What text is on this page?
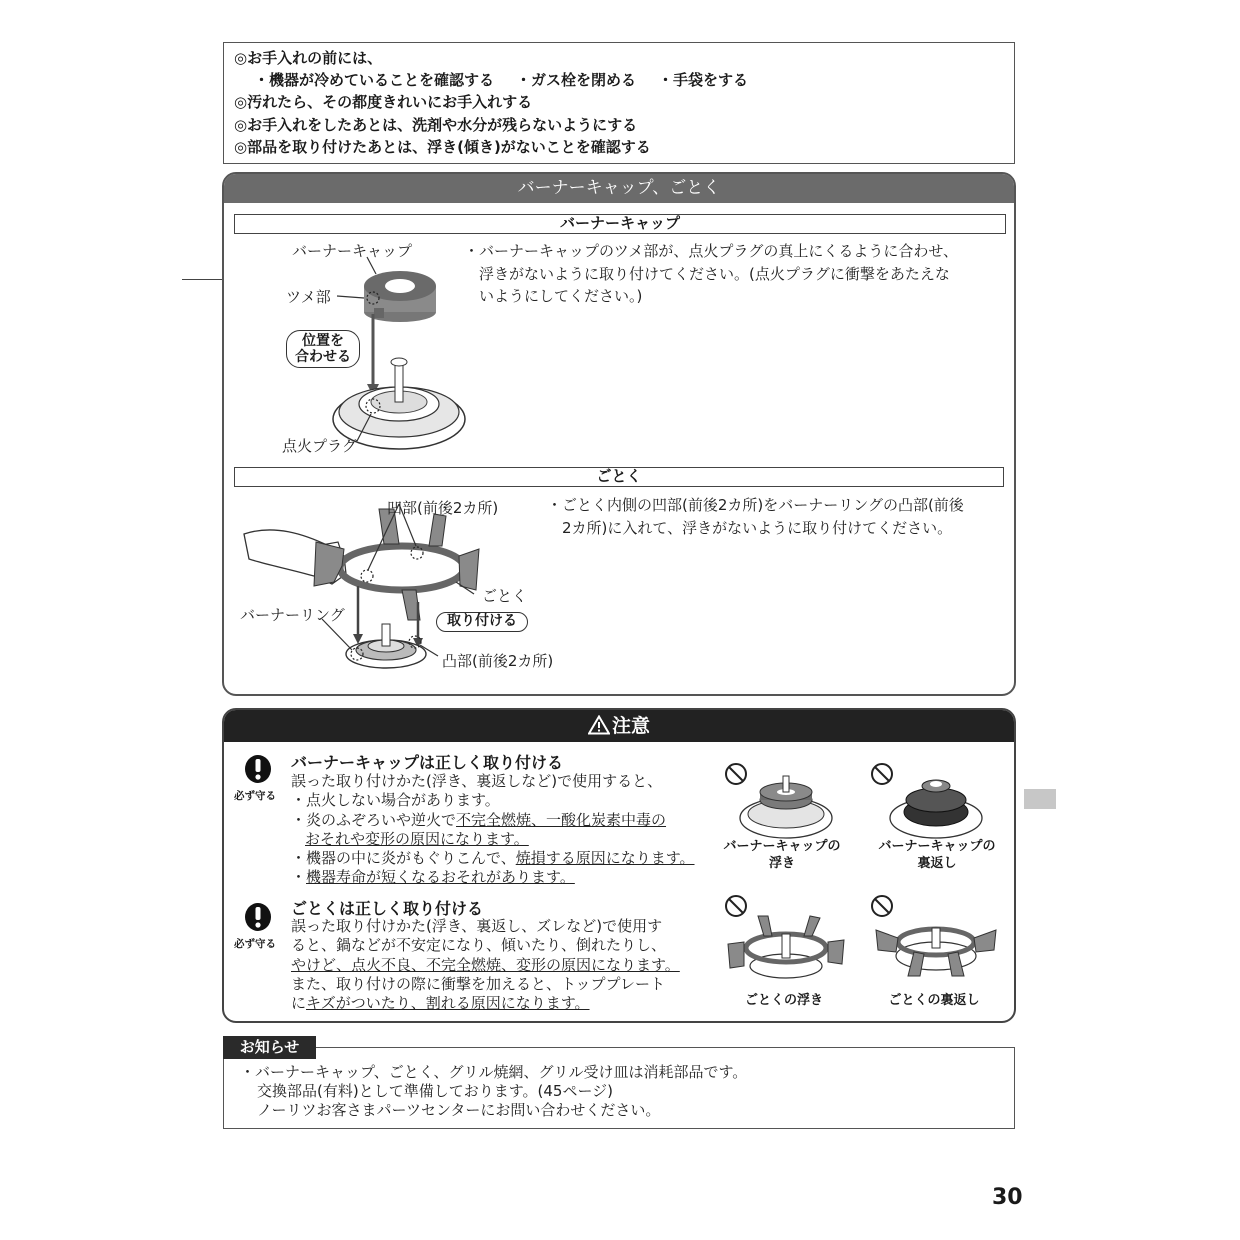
◎お手入れの前には、
・機器が冷めていることを確認する ・ガス栓を閉める ・手袋をする
◎汚れたら、その都度きれいにお手入れする
◎お手入れをしたあとは、洗剤や水分が残らないようにする
◎部品を取り付けたあとは、浮き(傾き)がないことを確認する
バーナーキャップ、ごとく
バーナーキャップ
バーナーキャップ
ツメ部
位置を
合わせる
点火プラグ
・バーナーキャップのツメ部が、点火プラグの真上にくるように合わせ、
浮きがないように取り付けてください。(点火プラグに衝撃をあたえな
いようにしてください。)
ごとく
凹部(前後2カ所)
ごとく
バーナーリング	取り付ける
凸部(前後2カ所)
・ごとく内側の凹部(前後2カ所)をバーナーリングの凸部(前後
2カ所)に入れて、浮きがないように取り付けてください。
注意
必ず守る
バーナーキャップは正しく取り付ける
誤った取り付けかた(浮き、裏返しなど)で使用すると、
・点火しない場合があります。
・炎のふぞろいや逆火で不完全燃焼、一酸化炭素中毒の
おそれや変形の原因になります。
・機器の中に炎がもぐりこんで、焼損する原因になります。
・機器寿命が短くなるおそれがあります。
バーナーキャップの
浮き
バーナーキャップの
裏返し
必ず守る
ごとくは正しく取り付ける
誤った取り付けかた(浮き、裏返し、ズレなど)で使用す
ると、鍋などが不安定になり、傾いたり、倒れたりし、
やけど、点火不良、不完全燃焼、変形の原因になります。
また、取り付けの際に衝撃を加えると、トッププレート
にキズがついたり、割れる原因になります。	ごとくの浮き	ごとくの裏返し
・バーナーキャップ、ごとく、グリル焼網、グリル受け皿は消耗部品です。
交換部品(有料)として準備しております。(45ページ)
ノーリツお客さまパーツセンターにお問い合わせください。
お知らせ
30
